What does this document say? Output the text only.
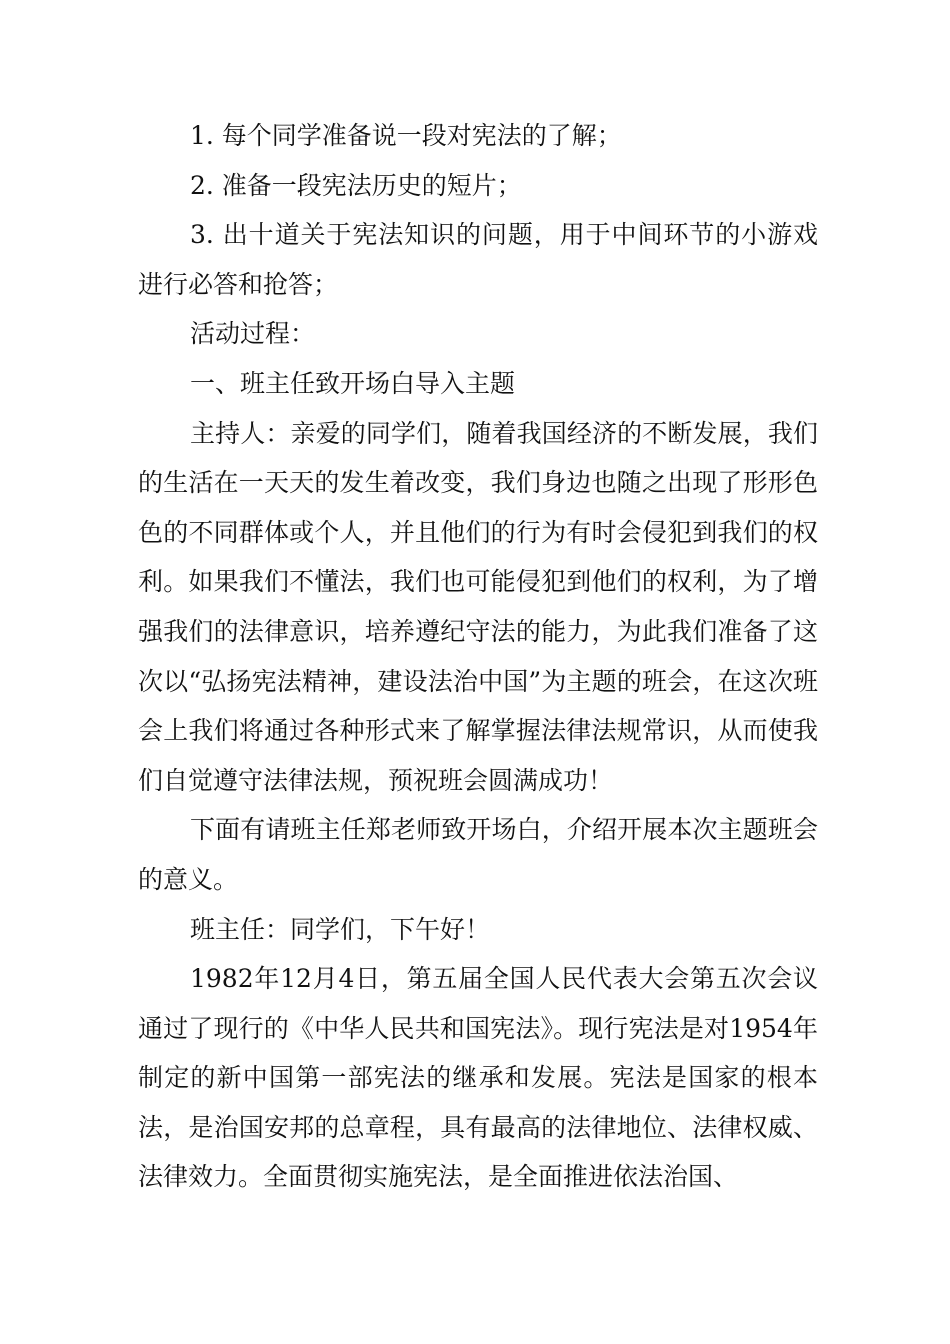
1. 每个同学准备说一段对宪法的了解；

2. 准备一段宪法历史的短片；

3. 出十道关于宪法知识的问题，用于中间环节的小游戏进行必答和抢答；

活动过程：

一、班主任致开场白导入主题

主持人：亲爱的同学们，随着我国经济的不断发展，我们的生活在一天天的发生着改变，我们身边也随之出现了形形色色的不同群体或个人，并且他们的行为有时会侵犯到我们的权利。如果我们不懂法，我们也可能侵犯到他们的权利，为了增强我们的法律意识，培养遵纪守法的能力，为此我们准备了这次以“弘扬宪法精神，建设法治中国”为主题的班会，在这次班会上我们将通过各种形式来了解掌握法律法规常识，从而使我们自觉遵守法律法规，预祝班会圆满成功！

下面有请班主任郑老师致开场白，介绍开展本次主题班会的意义。

班主任：同学们，下午好！

1982年12月4日，第五届全国人民代表大会第五次会议通过了现行的《中华人民共和国宪法》。现行宪法是对1954年制定的新中国第一部宪法的继承和发展。宪法是国家的根本法，是治国安邦的总章程，具有最高的法律地位、法律权威、法律效力。全面贯彻实施宪法，是全面推进依法治国、
